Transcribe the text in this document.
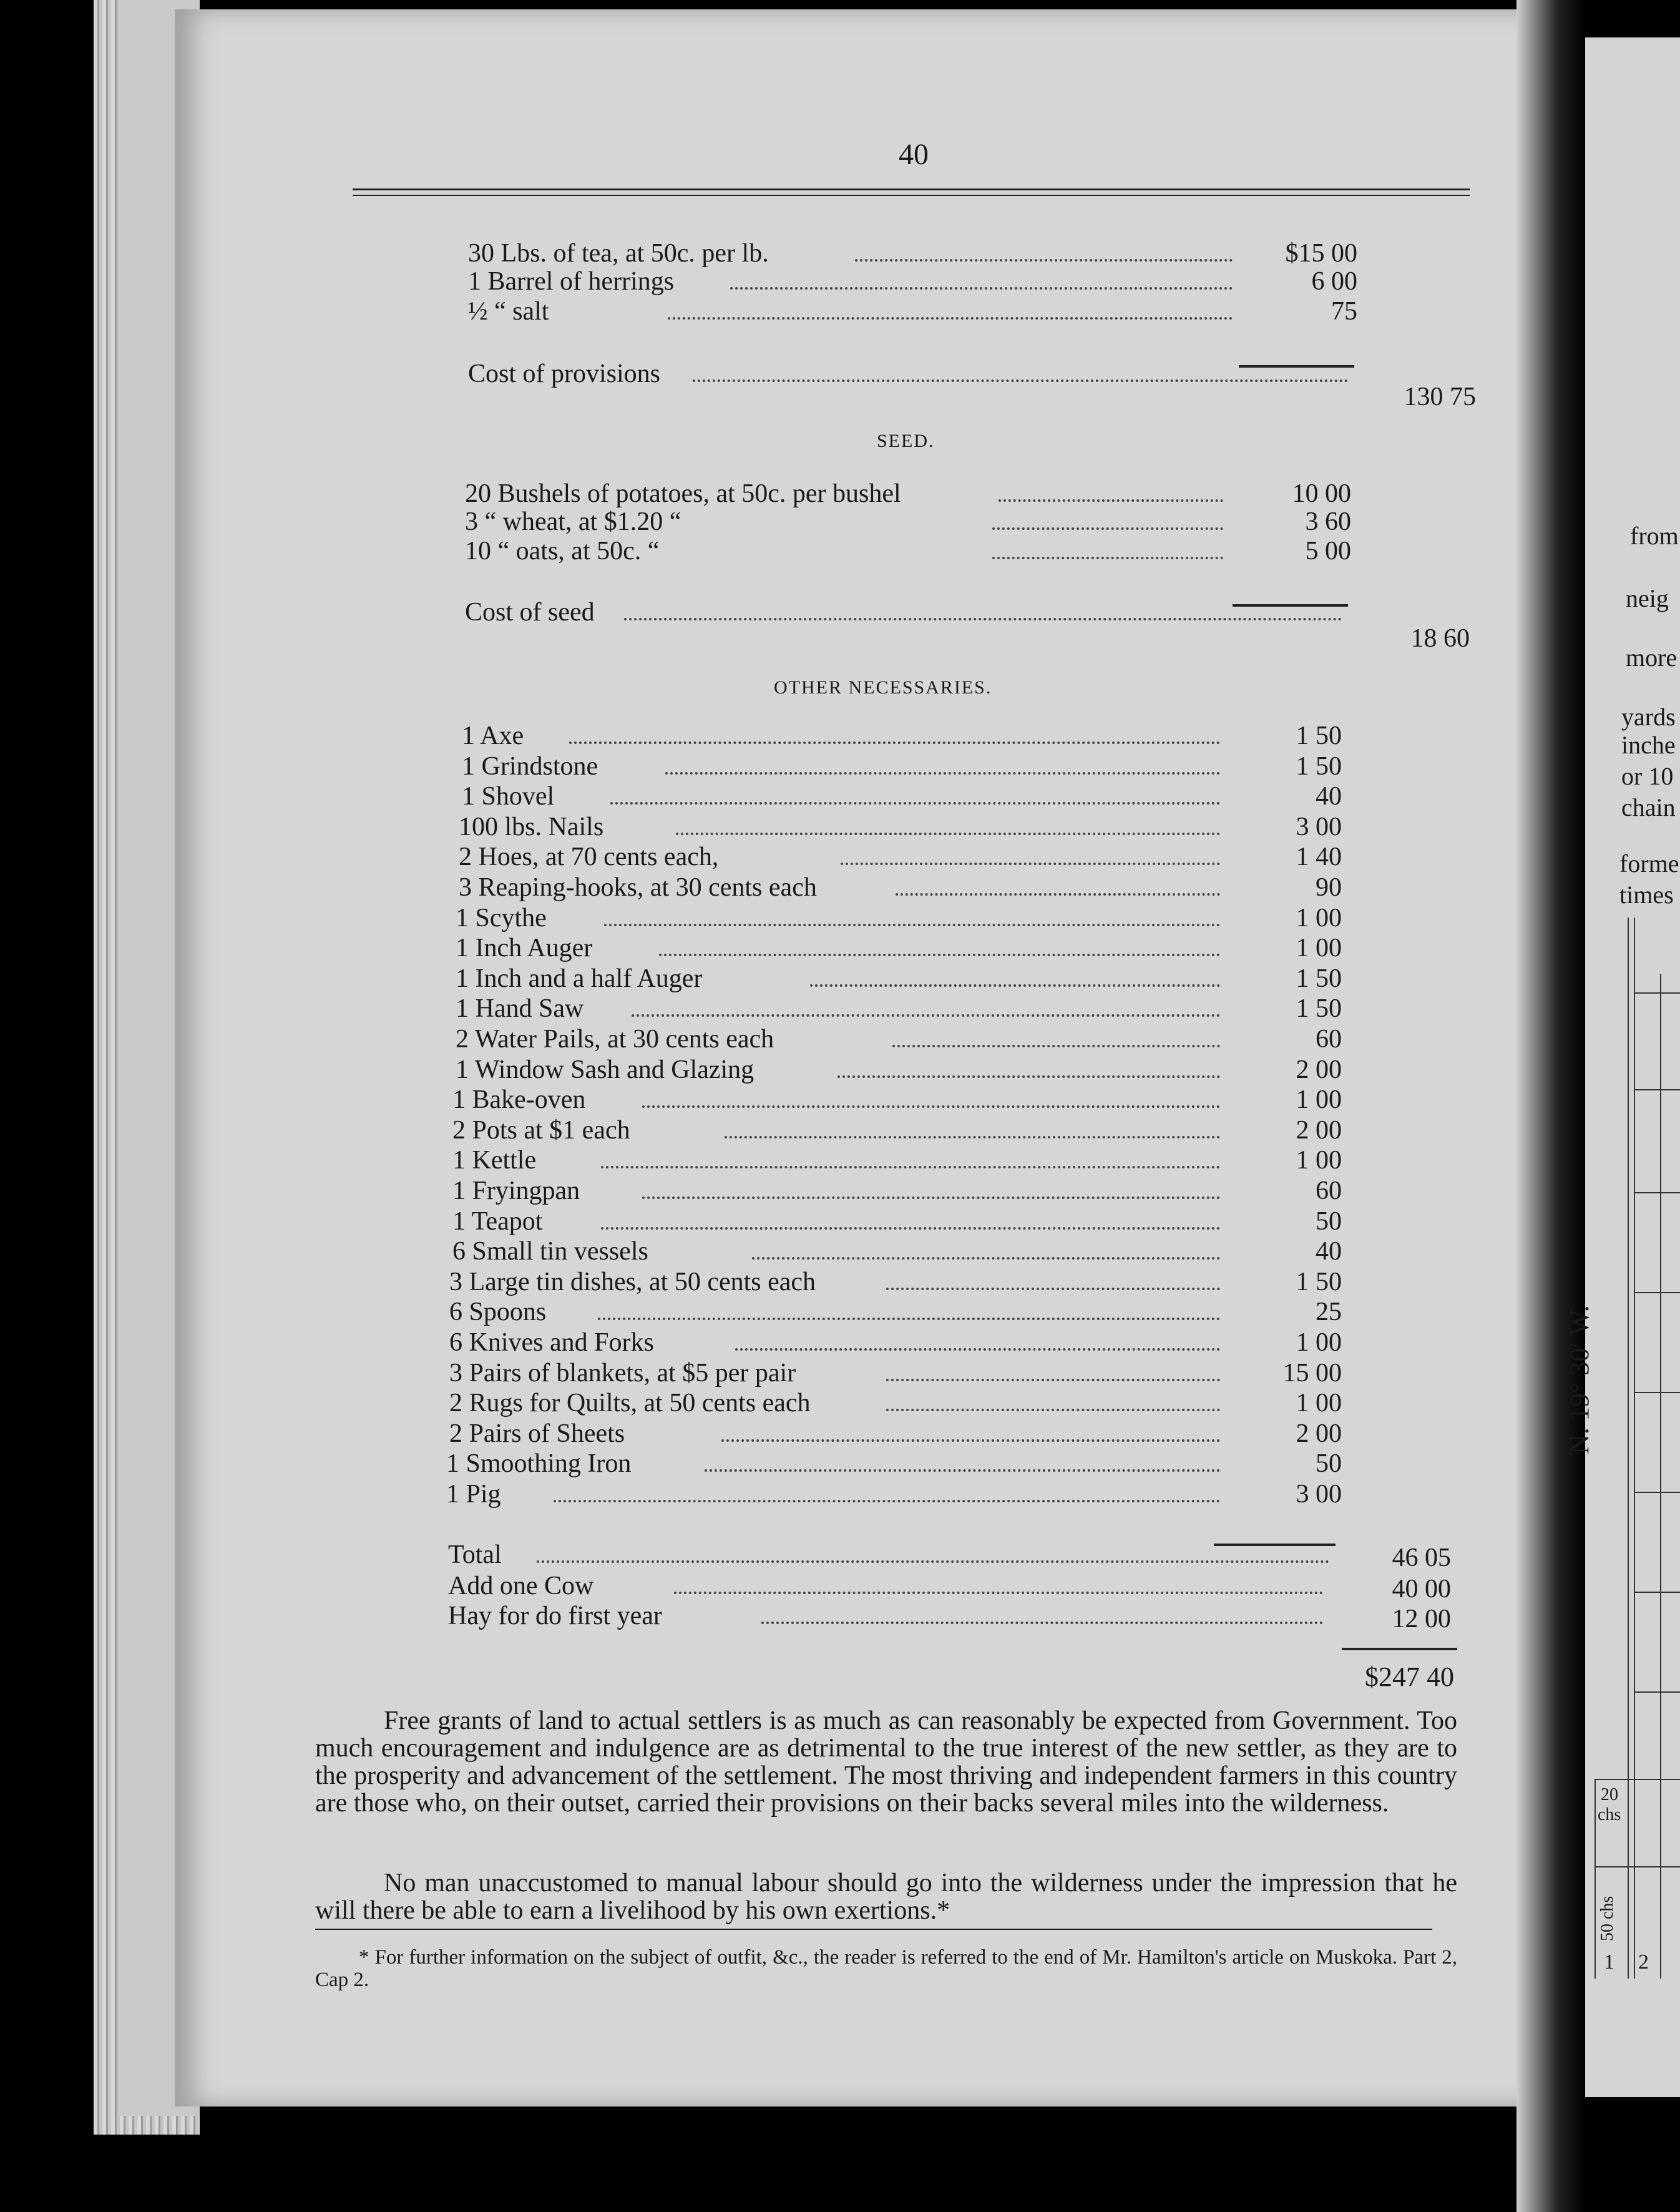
40
30 Lbs. of tea, at 50c. per lb.	$15 00
1 Barrel of herrings	6 00
½ “ salt	75
Cost of provisions
130 75
SEED.
20 Bushels of potatoes, at 50c. per bushel	10 00
3 “ wheat, at $1.20 “	3 60
10 “ oats, at 50c. “	5 00
Cost of seed
18 60
OTHER NECESSARIES.
1 Axe	1 50
1 Grindstone	1 50
1 Shovel	40
100 lbs. Nails	3 00
2 Hoes, at 70 cents each,	1 40
3 Reaping-hooks, at 30 cents each	90
1 Scythe	1 00
1 Inch Auger	1 00
1 Inch and a half Auger	1 50
1 Hand Saw	1 50
2 Water Pails, at 30 cents each	60
1 Window Sash and Glazing	2 00
1 Bake-oven	1 00
2 Pots at $1 each	2 00
1 Kettle	1 00
1 Fryingpan	60
1 Teapot	50
6 Small tin vessels	40
3 Large tin dishes, at 50 cents each	1 50
6 Spoons	25
6 Knives and Forks	1 00
3 Pairs of blankets, at $5 per pair	15 00
2 Rugs for Quilts, at 50 cents each	1 00
2 Pairs of Sheets	2 00
1 Smoothing Iron	50
1 Pig	3 00
Total	46 05
Add one Cow	40 00
Hay for do first year	12 00
$247 40
Free grants of land to actual settlers is as much as can reasonably be expected from Government. Too much encouragement and indulgence are as detrimental to the true interest of the new settler, as they are to the prosperity and advancement of the settlement. The most thriving and independent farmers in this country are those who, on their outset, carried their provisions on their backs several miles into the wilderness.
No man unaccustomed to manual labour should go into the wilderness under the impression that he will there be able to earn a livelihood by his own exertions.*
* For further information on the subject of outfit, &c., the reader is referred to the end of Mr. Hamilton's article on Muskoka. Part 2, Cap 2.
from
neig
more
yards
inche
or 10
chain
forme
times
N. 19° 30′ W.
20
chs
50 chs
1 2
